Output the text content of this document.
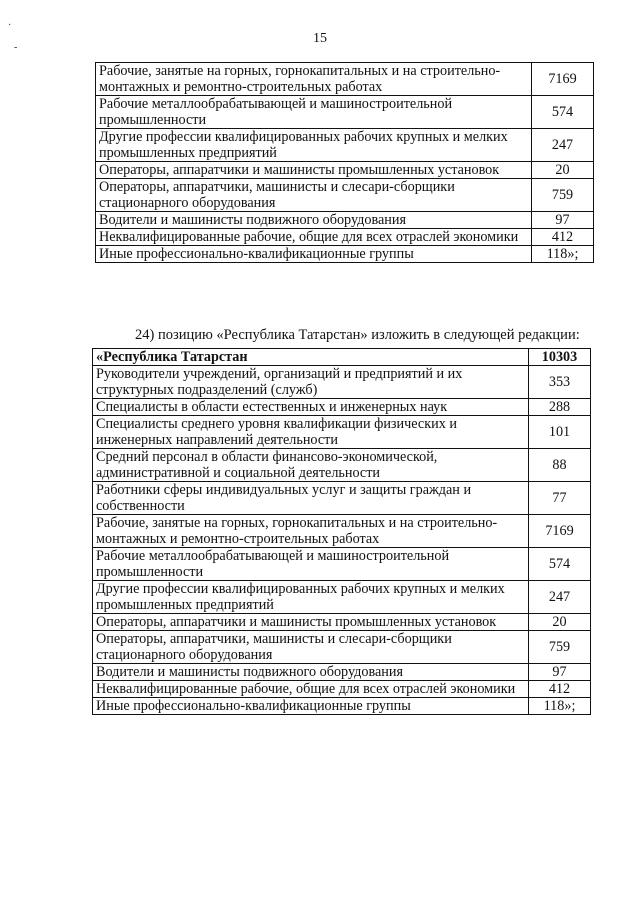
15
·
-
Рабочие, занятые на горных, горнокапитальных и на строительно-монтажных и ремонтно-строительных работах	7169
Рабочие металлообрабатывающей и машиностроительной промышленности	574
Другие профессии квалифицированных рабочих крупных и мелких промышленных предприятий	247
Операторы, аппаратчики и машинисты промышленных установок	20
Операторы, аппаратчики, машинисты и слесари-сборщики стационарного оборудования	759
Водители и машинисты подвижного оборудования	97
Неквалифицированные рабочие, общие для всех отраслей экономики	412
Иные профессионально-квалификационные группы	118»;
24) позицию «Республика Татарстан» изложить в следующей редакции:
«Республика Татарстан	10303
Руководители учреждений, организаций и предприятий и их структурных подразделений (служб)	353
Специалисты в области естественных и инженерных наук	288
Специалисты среднего уровня квалификации физических и инженерных направлений деятельности	101
Средний персонал в области финансово-экономической, административной и социальной деятельности	88
Работники сферы индивидуальных услуг и защиты граждан и собственности	77
Рабочие, занятые на горных, горнокапитальных и на строительно-монтажных и ремонтно-строительных работах	7169
Рабочие металлообрабатывающей и машиностроительной промышленности	574
Другие профессии квалифицированных рабочих крупных и мелких промышленных предприятий	247
Операторы, аппаратчики и машинисты промышленных установок	20
Операторы, аппаратчики, машинисты и слесари-сборщики стационарного оборудования	759
Водители и машинисты подвижного оборудования	97
Неквалифицированные рабочие, общие для всех отраслей экономики	412
Иные профессионально-квалификационные группы	118»;
